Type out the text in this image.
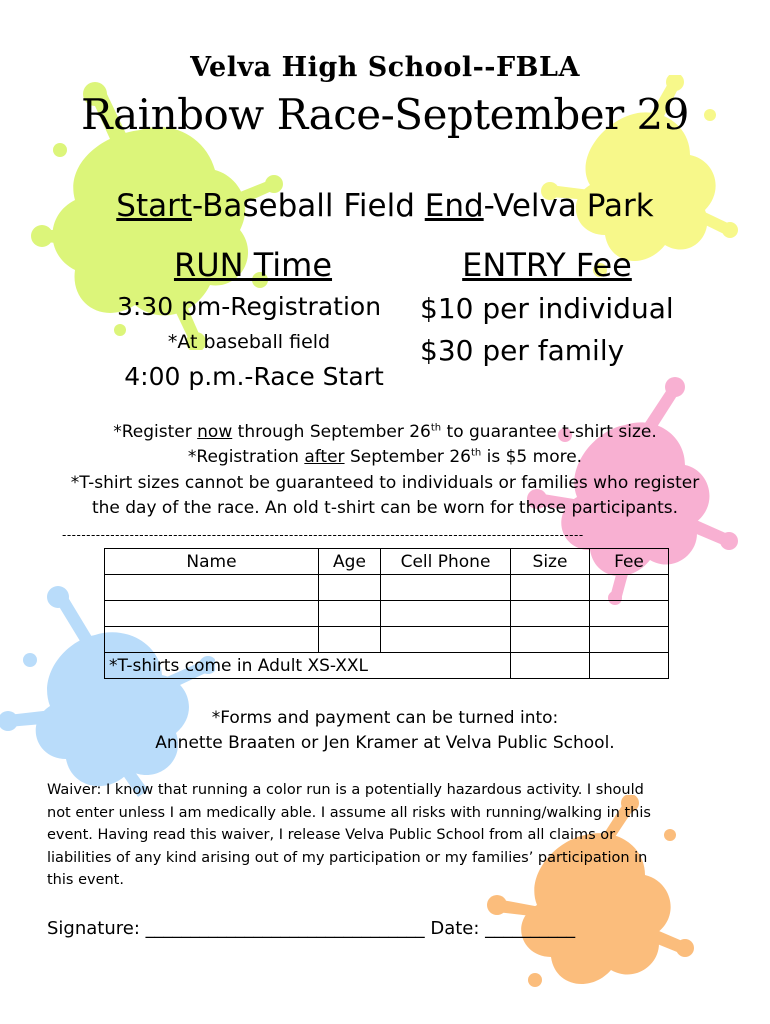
Velva High School--FBLA
Rainbow Race-September 29
Start-Baseball Field End-Velva Park
RUN Time
3:30 pm-Registration
*At baseball field
4:00 p.m.-Race Start
ENTRY Fee
$10 per individual
$30 per family
*Register now through September 26th to guarantee t-shirt size.
*Registration after September 26th is $5 more.
*T-shirt sizes cannot be guaranteed to individuals or families who register
the day of the race. An old t-shirt can be worn for those participants.
------------------------------------------------------------------------------------------------------------
Name	Age	Cell Phone	Size	Fee

*T-shirts come in Adult XS-XXL				
*Forms and payment can be turned into:
Annette Braaten or Jen Kramer at Velva Public School.
Waiver: I know that running a color run is a potentially hazardous activity. I should
not enter unless I am medically able. I assume all risks with running/walking in this
event. Having read this waiver, I release Velva Public School from all claims or
liabilities of any kind arising out of my participation or my families’ participation in
this event.
Signature: _______________________________ Date: __________
